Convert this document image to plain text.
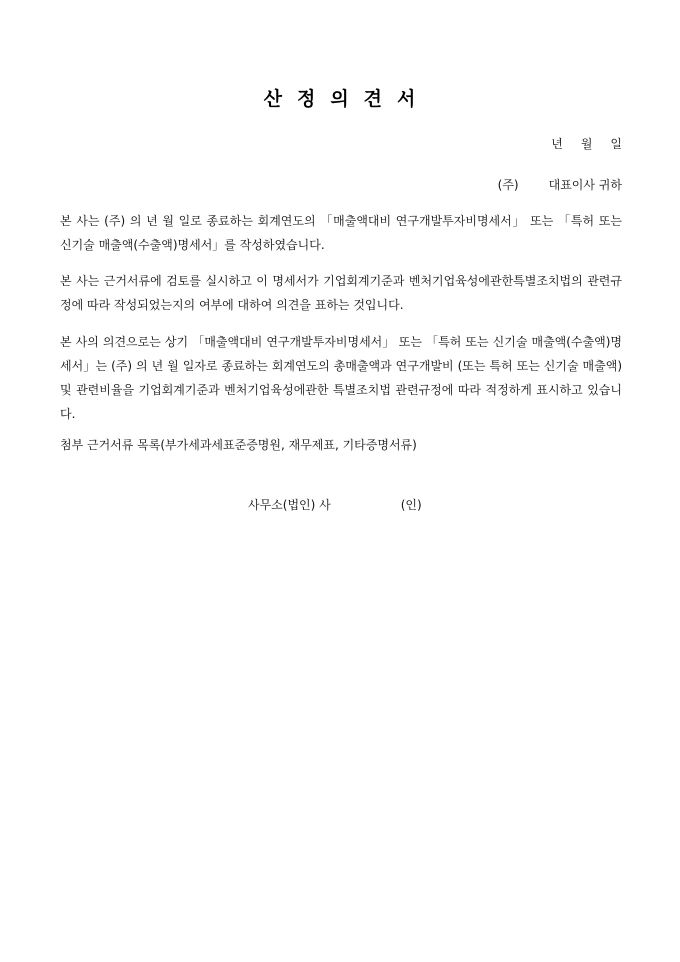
산 정 의 견 서
년 월 일
(주)	대표이사 귀하
본 사는 (주) 의 년 월 일로 종료하는 회계연도의 「매출액대비 연구개발투자비명세서」 또는 「특허 또는 신기술 매출액(수출액)명세서」를 작성하였습니다.
본 사는 근거서류에 검토를 실시하고 이 명세서가 기업회계기준과 벤처기업육성에관한특별조치법의 관련규정에 따라 작성되었는지의 여부에 대하여 의견을 표하는 것입니다.
본 사의 의견으로는 상기 「매출액대비 연구개발투자비명세서」 또는 「특허 또는 신기술 매출액(수출액)명세서」는 (주) 의 년 월 일자로 종료하는 회계연도의 총매출액과 연구개발비 (또는 특허 또는 신기술 매출액) 및 관련비율을 기업회계기준과 벤처기업육성에관한 특별조치법 관련규정에 따라 적정하게 표시하고 있습니다.
첨부 근거서류 목록(부가세과세표준증명원, 재무제표, 기타증명서류)
사무소(법인) 사	(인)
